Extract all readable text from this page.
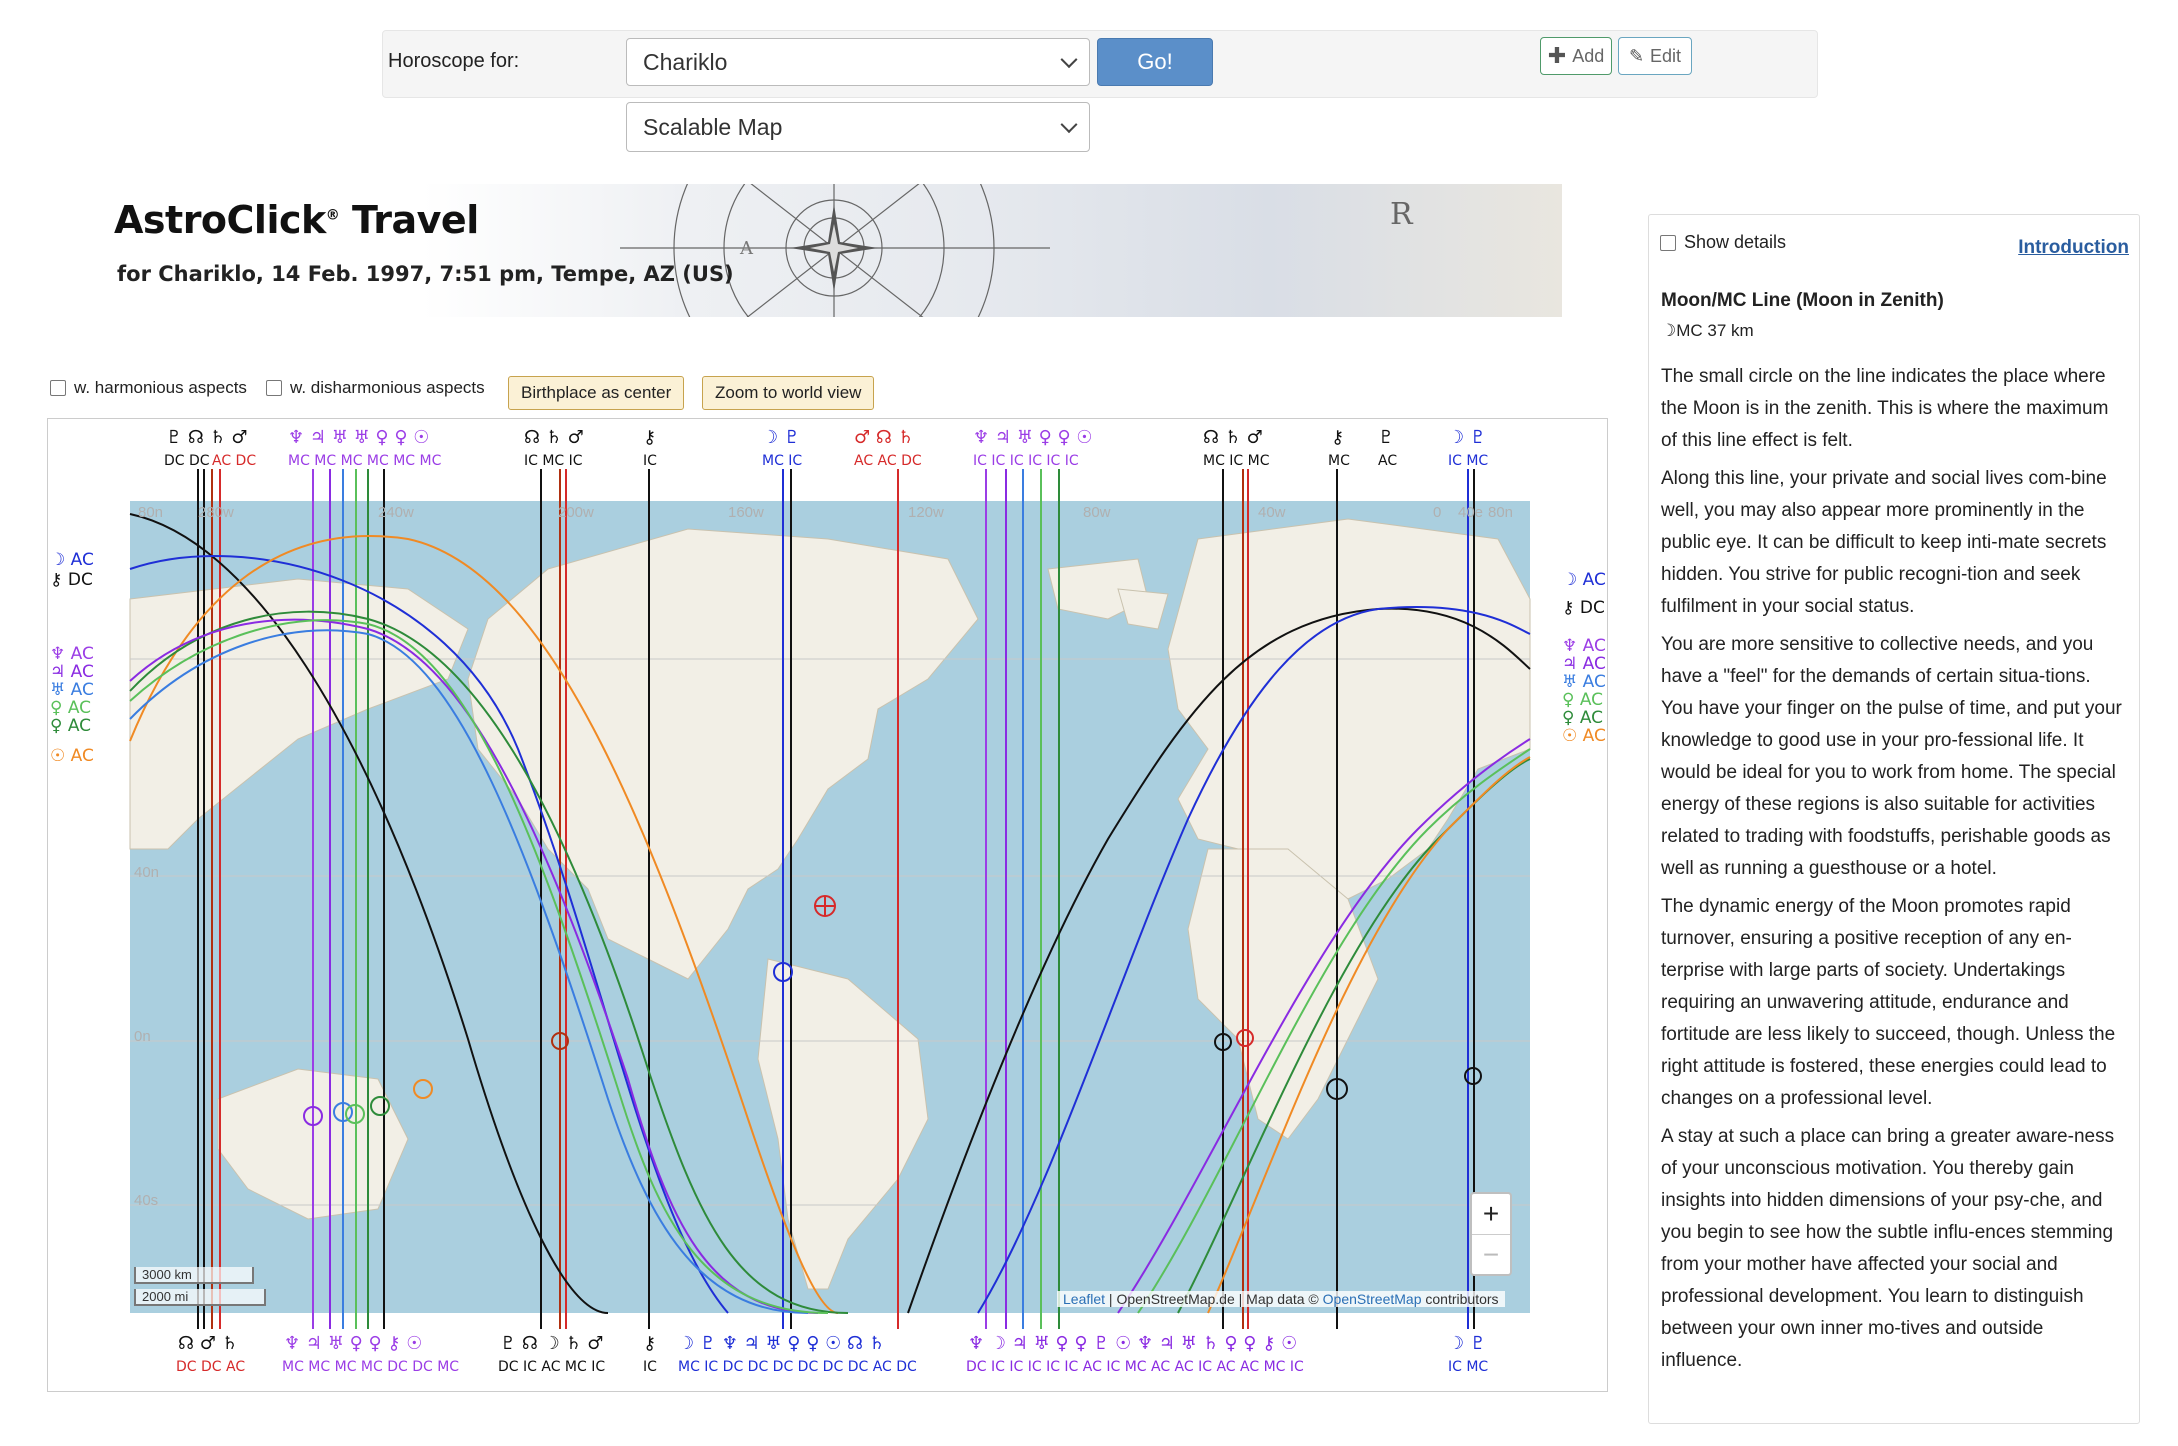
Horoscope for:	Chariklo	Go!	✚ Add ✎ Edit
Scalable Map
A
R
AstroClick® Travel
for Chariklo, 14 Feb. 1997, 7:51 pm, Tempe, AZ (US)
w. harmonious aspects	w. disharmonious aspects	Birthplace as center	Zoom to world view
80n 280w	240w	200w	160w	120w	80w	40w	0 40e 80n
40n
0n
40s
♇ ☊ ♄ ♂
DC DC AC DC
♆ ♃ ♅ ♅ ♀ ♀ ☉
MC MC MC MC MC MC
☊ ♄ ♂
IC MC IC
⚷
IC
☽ ♇
MC IC
♂ ☊ ♄
AC AC DC
♆ ♃ ♅ ♀ ♀ ☉
IC IC IC IC IC IC
☊ ♄ ♂
MC IC MC
⚷
MC
♇
AC
☽ ♇
IC MC
☊ ♂ ♄
DC DC AC
♆ ♃ ♅ ♀ ♀ ⚷ ☉
MC MC MC MC DC DC MC
♇ ☊ ☽ ♄ ♂
DC IC AC MC IC
⚷
IC
☽ ♇ ♆ ♃ ♅ ♀ ♀ ☉ ☊ ♄
MC IC DC DC DC DC DC DC AC DC
♆ ☽ ♃ ♅ ♀ ♀ ♇ ☉ ♆ ♃ ♅ ♄ ♀ ♀ ⚷ ☉
DC IC IC IC IC IC AC IC MC AC AC IC AC AC MC IC
☽ ♇
IC MC
☽ AC
⚷ DC
♆ AC
♃ AC
♅ AC
♀ AC
♀ AC
☉ AC
☽ AC
⚷ DC
♆ AC
♃ AC
♅ AC
♀ AC
♀ AC
☉ AC
3000 km
2000 mi	Leaflet | OpenStreetMap.de | Map data © OpenStreetMap contributors
+
−
Show details	Introduction
Moon/MC Line (Moon in Zenith)
☽MC 37 km

The small circle on the line indicates the place where the Moon is in the zenith. This is where the maximum of this line effect is felt.

Along this line, your private and social lives com-bine well, you may also appear more prominently in the public eye. It can be difficult to keep inti-mate secrets hidden. You strive for public recogni-tion and seek fulfilment in your social status.

You are more sensitive to collective needs, and you have a "feel" for the demands of certain situa-tions. You have your finger on the pulse of time, and put your knowledge to good use in your pro-fessional life. It would be ideal for you to work from home. The special energy of these regions is also suitable for activities related to trading with foodstuffs, perishable goods as well as running a guesthouse or a hotel.

The dynamic energy of the Moon promotes rapid turnover, ensuring a positive reception of any en-terprise with large parts of society. Undertakings requiring an unwavering attitude, endurance and fortitude are less likely to succeed, though. Unless the right attitude is fostered, these energies could lead to changes on a professional level.

A stay at such a place can bring a greater aware-ness of your unconscious motivation. You thereby gain insights into hidden dimensions of your psy-che, and you begin to see how the subtle influ-ences stemming from your mother have affected your social and professional development. You learn to distinguish between your own inner mo-tives and outside influence.
